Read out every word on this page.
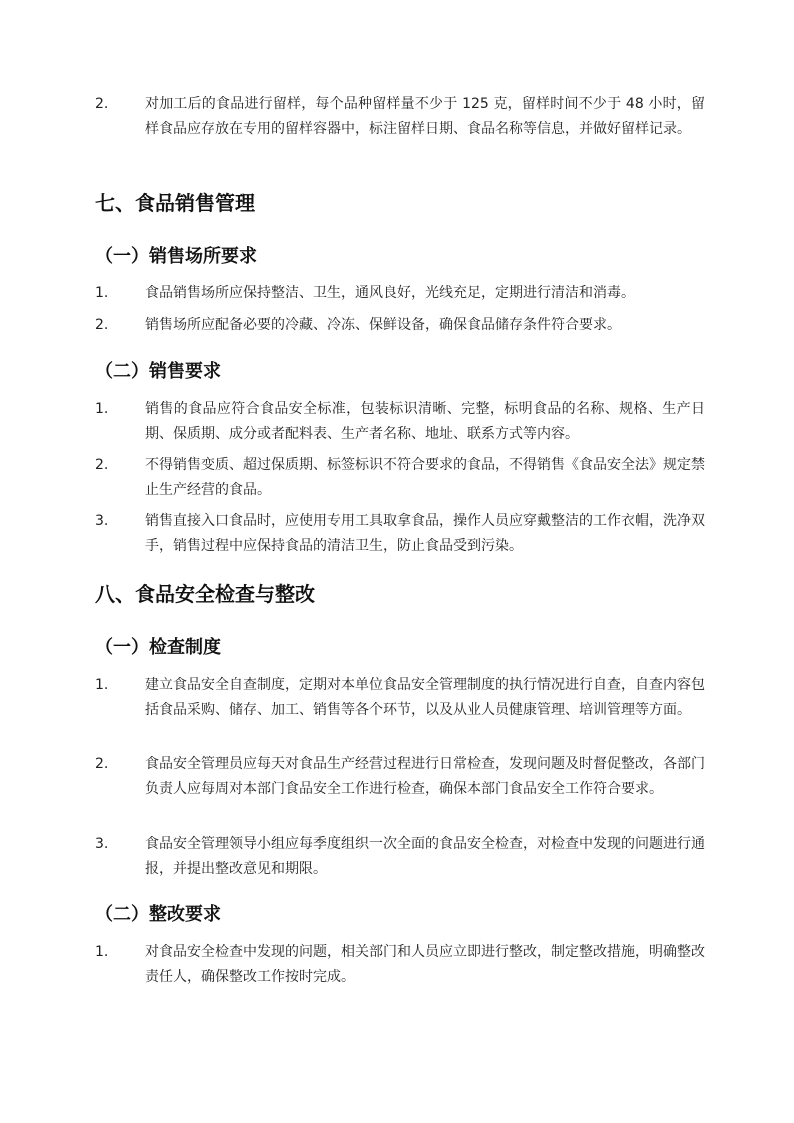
2.	对加工后的食品进行留样，每个品种留样量不少于 125 克，留样时间不少于 48 小时，留样食品应存放在专用的留样容器中，标注留样日期、食品名称等信息，并做好留样记录。
七、食品销售管理
（一）销售场所要求
1.	食品销售场所应保持整洁、卫生，通风良好，光线充足，定期进行清洁和消毒。
2.	销售场所应配备必要的冷藏、冷冻、保鲜设备，确保食品储存条件符合要求。
（二）销售要求
1.	销售的食品应符合食品安全标准，包装标识清晰、完整，标明食品的名称、规格、生产日期、保质期、成分或者配料表、生产者名称、地址、联系方式等内容。
2.	不得销售变质、超过保质期、标签标识不符合要求的食品，不得销售《食品安全法》规定禁止生产经营的食品。
3.	销售直接入口食品时，应使用专用工具取拿食品，操作人员应穿戴整洁的工作衣帽，洗净双手，销售过程中应保持食品的清洁卫生，防止食品受到污染。
八、食品安全检查与整改
（一）检查制度
1.	建立食品安全自查制度，定期对本单位食品安全管理制度的执行情况进行自查，自查内容包括食品采购、储存、加工、销售等各个环节，以及从业人员健康管理、培训管理等方面。
2.	食品安全管理员应每天对食品生产经营过程进行日常检查，发现问题及时督促整改，各部门负责人应每周对本部门食品安全工作进行检查，确保本部门食品安全工作符合要求。
3.	食品安全管理领导小组应每季度组织一次全面的食品安全检查，对检查中发现的问题进行通报，并提出整改意见和期限。
（二）整改要求
1.	对食品安全检查中发现的问题，相关部门和人员应立即进行整改，制定整改措施，明确整改责任人，确保整改工作按时完成。
